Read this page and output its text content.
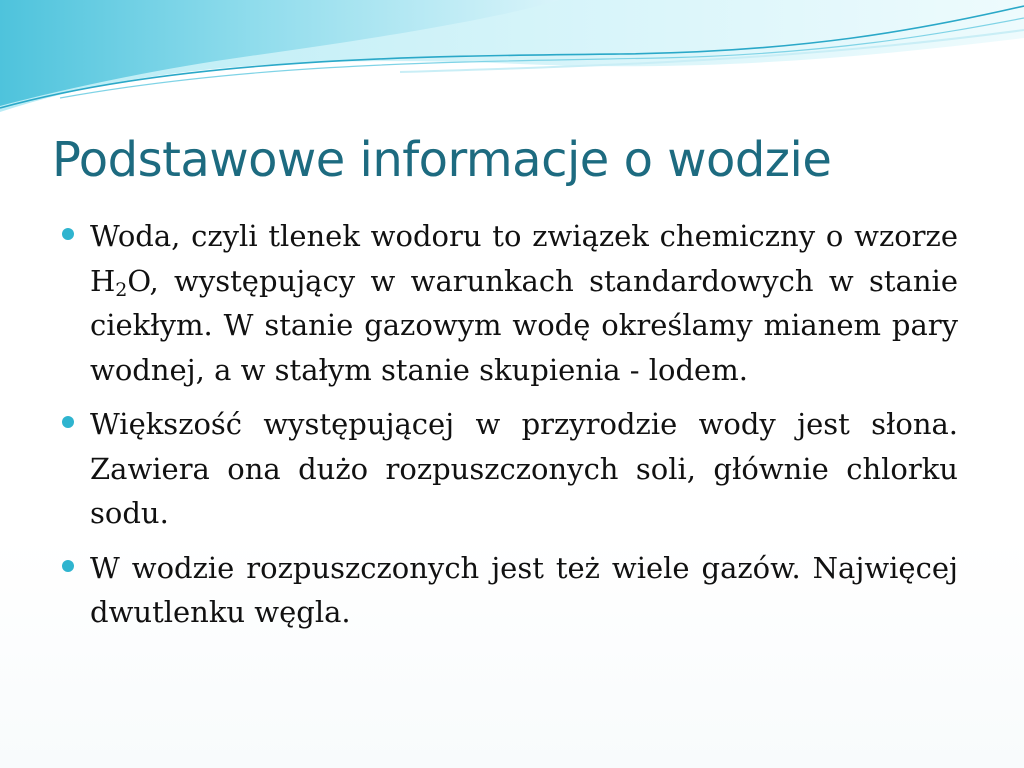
Podstawowe informacje o wodzie
Woda, czyli tlenek wodoru to związek chemiczny o wzorze $H_2O$, występujący w warunkach standardowych w stanie ciekłym. W stanie gazowym wodę określamy mianem pary wodnej, a w stałym stanie skupienia - lodem.
Większość występującej w przyrodzie wody jest słona. Zawiera ona dużo rozpuszczonych soli, głównie chlorku sodu.
W wodzie rozpuszczonych jest też wiele gazów. Najwięcej dwutlenku węgla.
